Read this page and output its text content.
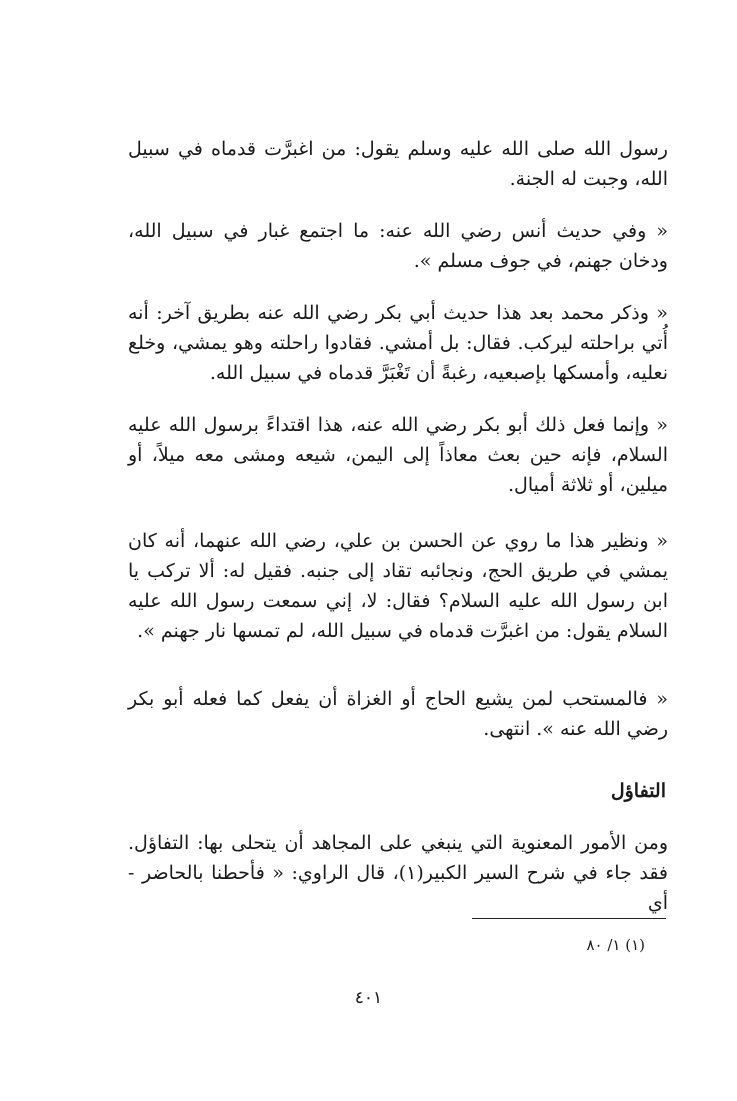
رسول الله صلى الله عليه وسلم يقول: من اغبرَّت قدماه في سبيل الله، وجبت له الجنة.

« وفي حديث أنس رضي الله عنه: ما اجتمع غبار في سبيل الله، ودخان جهنم، في جوف مسلم ».

« وذكر محمد بعد هذا حديث أبي بكر رضي الله عنه بطريق آخر: أنه أُتي براحلته ليركب. فقال: بل أمشي. فقادوا راحلته وهو يمشي، وخلع نعليه، وأمسكها بإصبعيه، رغبةً أن تَغْبَرَّ قدماه في سبيل الله.

« وإنما فعل ذلك أبو بكر رضي الله عنه، هذا اقتداءً برسول الله عليه السلام، فإنه حين بعث معاذاً إلى اليمن، شيعه ومشى معه ميلاً، أو ميلين، أو ثلاثة أميال.

« ونظير هذا ما روي عن الحسن بن علي، رضي الله عنهما، أنه كان يمشي في طريق الحج، ونجائبه تقاد إلى جنبه. فقيل له: ألا تركب يا ابن رسول الله عليه السلام؟ فقال: لا، إني سمعت رسول الله عليه السلام يقول: من اغبرَّت قدماه في سبيل الله، لم تمسها نار جهنم ».

« فالمستحب لمن يشيع الحاج أو الغزاة أن يفعل كما فعله أبو بكر رضي الله عنه ». انتهى.

التفاؤل

ومن الأمور المعنوية التي ينبغي على المجاهد أن يتحلى بها: التفاؤل. فقد جاء في شرح السير الكبير(١)، قال الراوي: « فأحطنا بالحاضر - أي

(١) ١/ ٨٠
٤٠١
